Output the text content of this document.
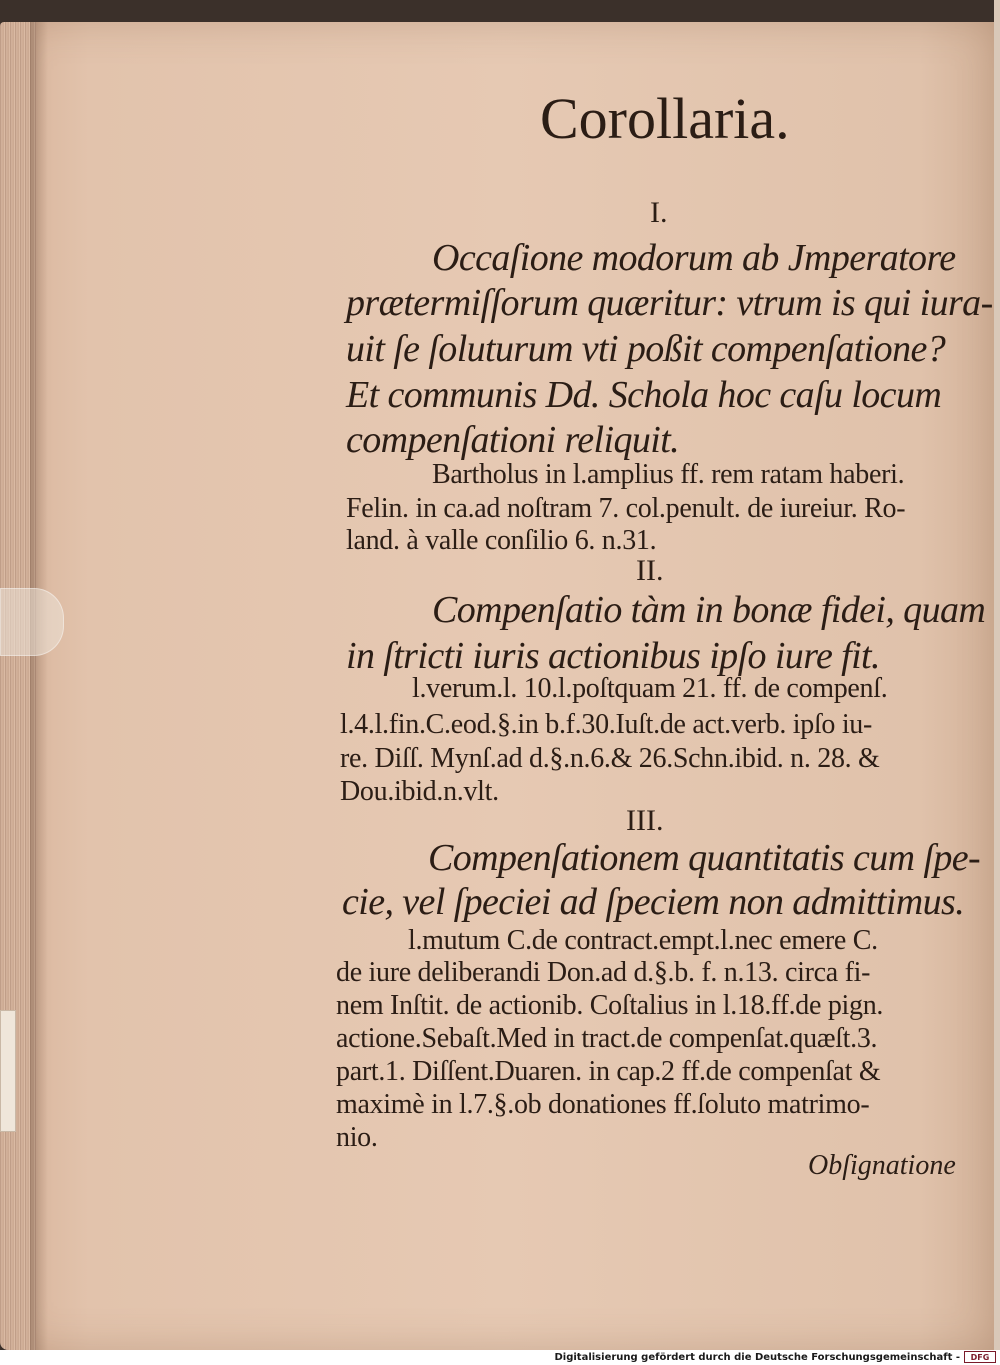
Corollaria.
I.
Occaſione modorum ab Jmperatore
prætermiſſorum quæritur: vtrum is qui iura-
uit ſe ſoluturum vti poßit compenſatione?
Et communis Dd. Schola hoc caſu locum
compenſationi reliquit.
Bartholus in l.amplius ff. rem ratam haberi.
Felin. in ca.ad noſtram 7. col.penult. de iureiur. Ro-
land. à valle conſilio 6. n.31.
II.
Compenſatio tàm in bonæ fidei, quam
in ſtricti iuris actionibus ipſo iure fit.
l.verum.l. 10.l.poſtquam 21. ff. de compenſ.
l.4.l.fin.C.eod.§.in b.f.30.Iuſt.de act.verb. ipſo iu-
re. Diſſ. Mynſ.ad d.§.n.6.& 26.Schn.ibid. n. 28. &
Dou.ibid.n.vlt.
III.
Compenſationem quantitatis cum ſpe-
cie, vel ſpeciei ad ſpeciem non admittimus.
l.mutum C.de contract.empt.l.nec emere C.
de iure deliberandi Don.ad d.§.b. f. n.13. circa fi-
nem Inſtit. de actionib. Coſtalius in l.18.ff.de pign.
actione.Sebaſt.Med in tract.de compenſat.quæſt.3.
part.1. Diſſent.Duaren. in cap.2 ff.de compenſat &
maximè in l.7.§.ob donationes ff.ſoluto matrimo-
nio.
Obſignatione
Digitalisierung gefördert durch die Deutsche Forschungsgemeinschaft -	DFG
